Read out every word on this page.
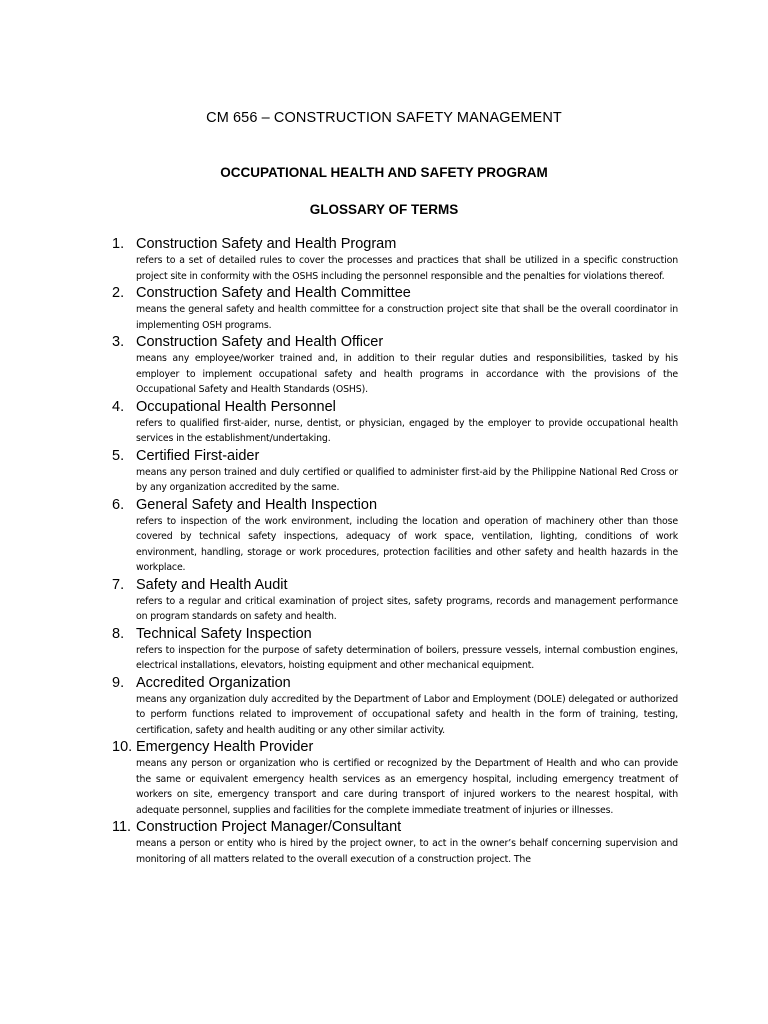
CM 656 – CONSTRUCTION SAFETY MANAGEMENT
OCCUPATIONAL HEALTH AND SAFETY PROGRAM
GLOSSARY OF TERMS
1. Construction Safety and Health Program
refers to a set of detailed rules to cover the processes and practices that shall be utilized in a specific construction project site in conformity with the OSHS including the personnel responsible and the penalties for violations thereof.
2. Construction Safety and Health Committee
means the general safety and health committee for a construction project site that shall be the overall coordinator in implementing OSH programs.
3. Construction Safety and Health Officer
means any employee/worker trained and, in addition to their regular duties and responsibilities, tasked by his employer to implement occupational safety and health programs in accordance with the provisions of the Occupational Safety and Health Standards (OSHS).
4. Occupational Health Personnel
refers to qualified first-aider, nurse, dentist, or physician, engaged by the employer to provide occupational health services in the establishment/undertaking.
5. Certified First-aider
means any person trained and duly certified or qualified to administer first-aid by the Philippine National Red Cross or by any organization accredited by the same.
6. General Safety and Health Inspection
refers to inspection of the work environment, including the location and operation of machinery other than those covered by technical safety inspections, adequacy of work space, ventilation, lighting, conditions of work environment, handling, storage or work procedures, protection facilities and other safety and health hazards in the workplace.
7. Safety and Health Audit
refers to a regular and critical examination of project sites, safety programs, records and management performance on program standards on safety and health.
8. Technical Safety Inspection
refers to inspection for the purpose of safety determination of boilers, pressure vessels, internal combustion engines, electrical installations, elevators, hoisting equipment and other mechanical equipment.
9. Accredited Organization
means any organization duly accredited by the Department of Labor and Employment (DOLE) delegated or authorized to perform functions related to improvement of occupational safety and health in the form of training, testing, certification, safety and health auditing or any other similar activity.
10. Emergency Health Provider
means any person or organization who is certified or recognized by the Department of Health and who can provide the same or equivalent emergency health services as an emergency hospital, including emergency treatment of workers on site, emergency transport and care during transport of injured workers to the nearest hospital, with adequate personnel, supplies and facilities for the complete immediate treatment of injuries or illnesses.
11. Construction Project Manager/Consultant
means a person or entity who is hired by the project owner, to act in the owner’s behalf concerning supervision and monitoring of all matters related to the overall execution of a construction project. The
